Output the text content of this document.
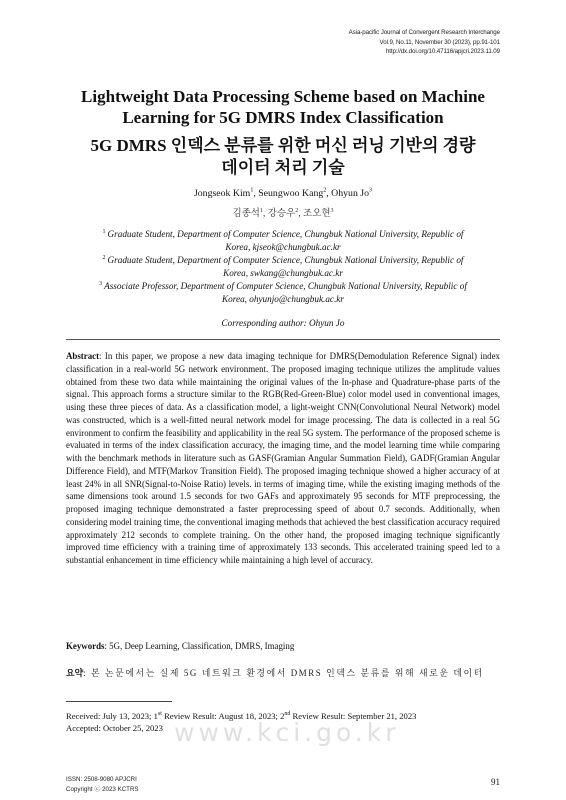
Asia-pacific Journal of Convergent Research Interchange
Vol.9, No.11, November 30 (2023), pp.91-101
http://dx.doi.org/10.47116/apjcri.2023.11.09
Lightweight Data Processing Scheme based on Machine
Learning for 5G DMRS Index Classification
5G DMRS 인덱스 분류를 위한 머신 러닝 기반의 경량
데이터 처리 기술
Jongseok Kim$^1$, Seungwoo Kang$^2$, Ohyun Jo$^3$
김종석$^1$, 강승우$^2$, 조오현$^3$
$^1$ Graduate Student, Department of Computer Science, Chungbuk National University, Republic of
Korea, kjseok@chungbuk.ac.kr
$^2$ Graduate Student, Department of Computer Science, Chungbuk National University, Republic of
Korea, swkang@chungbuk.ac.kr
$^3$ Associate Professor, Department of Computer Science, Chungbuk National University, Republic of
Korea, ohyunjo@chungbuk.ac.kr
Corresponding author: Ohyun Jo
Abstract: In this paper, we propose a new data imaging technique for DMRS(Demodulation Reference Signal) index classification in a real-world 5G network environment. The proposed imaging technique utilizes the amplitude values obtained from these two data while maintaining the original values of the In-phase and Quadrature-phase parts of the signal. This approach forms a structure similar to the RGB(Red-Green-Blue) color model used in conventional images, using these three pieces of data. As a classification model, a light-weight CNN(Convolutional Neural Network) model was constructed, which is a well-fitted neural network model for image processing. The data is collected in a real 5G environment to confirm the feasibility and applicability in the real 5G system. The performance of the proposed scheme is evaluated in terms of the index classification accuracy, the imaging time, and the model learning time while comparing with the benchmark methods in literature such as GASF(Gramian Angular Summation Field), GADF(Gramian Angular Difference Field), and MTF(Markov Transition Field). The proposed imaging technique showed a higher accuracy of at least 24% in all SNR(Signal-to-Noise Ratio) levels. in terms of imaging time, while the existing imaging methods of the same dimensions took around 1.5 seconds for two GAFs and approximately 95 seconds for MTF preprocessing, the proposed imaging technique demonstrated a faster preprocessing speed of about 0.7 seconds. Additionally, when considering model training time, the conventional imaging methods that achieved the best classification accuracy required approximately 212 seconds to complete training. On the other hand, the proposed imaging technique significantly improved time efficiency with a training time of approximately 133 seconds. This accelerated training speed led to a substantial enhancement in time efficiency while maintaining a high level of accuracy.
Keywords: 5G, Deep Learning, Classification, DMRS, Imaging
요약: 본 논문에서는 실제 5G 네트워크 환경에서 DMRS 인덱스 분류를 위해 새로운 데이터
Received: July 13, 2023; 1st Review Result: August 18, 2023; 2nd Review Result: September 21, 2023
Accepted: October 25, 2023 www.kci.go.kr
ISSN: 2508-9080 APJCRI
Copyright ⓒ 2023 KCTRS
91
